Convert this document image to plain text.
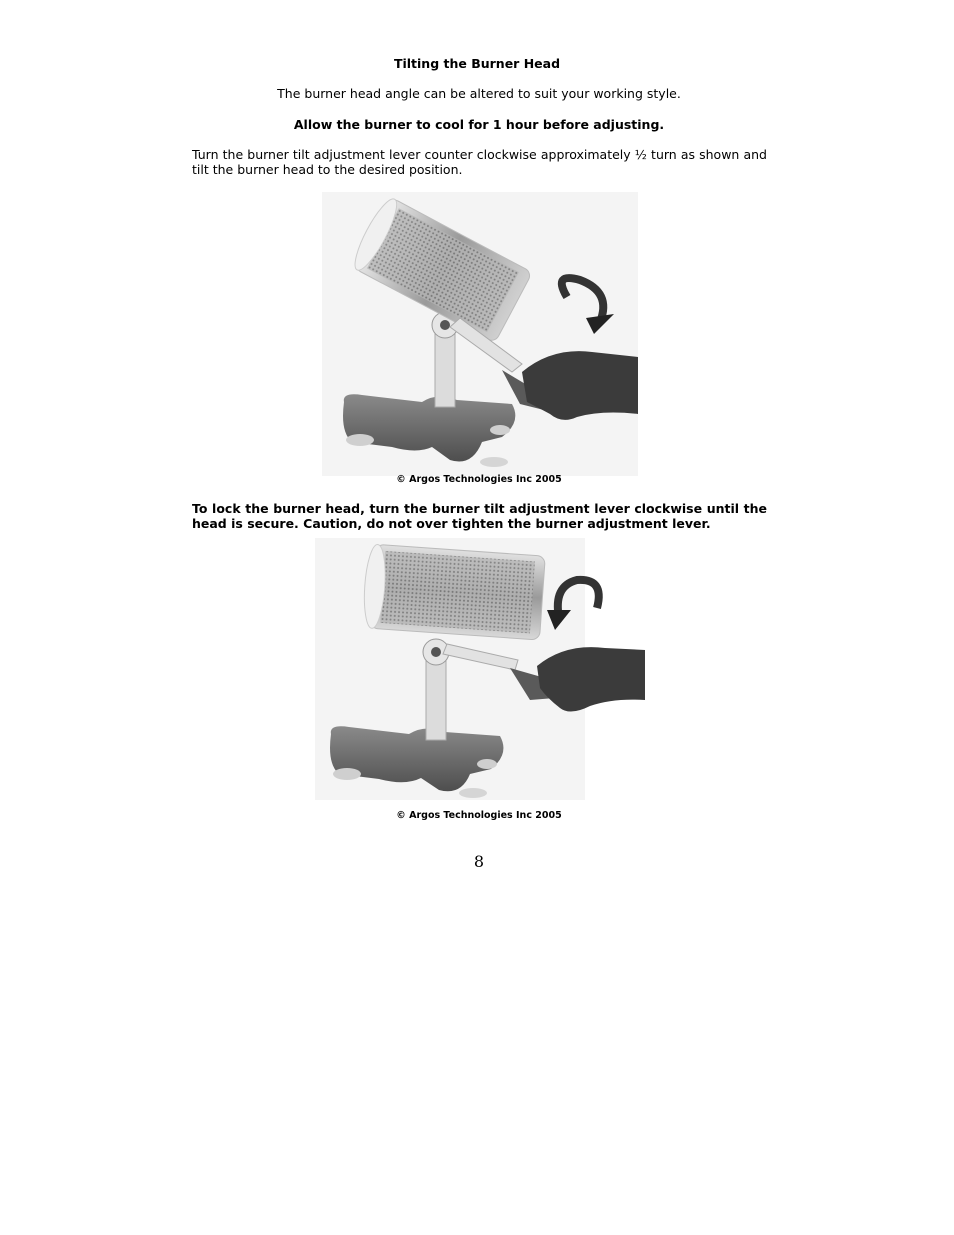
Tilting the Burner Head
The burner head angle can be altered to suit your working style.
Allow the burner to cool for 1 hour before adjusting.
Turn the burner tilt adjustment lever counter clockwise approximately ½ turn as shown and tilt the burner head to the desired position.
© Argos Technologies Inc 2005
To lock the burner head, turn the burner tilt adjustment lever clockwise until the head is secure. Caution, do not over tighten the burner adjustment lever.
© Argos Technologies Inc 2005
8
